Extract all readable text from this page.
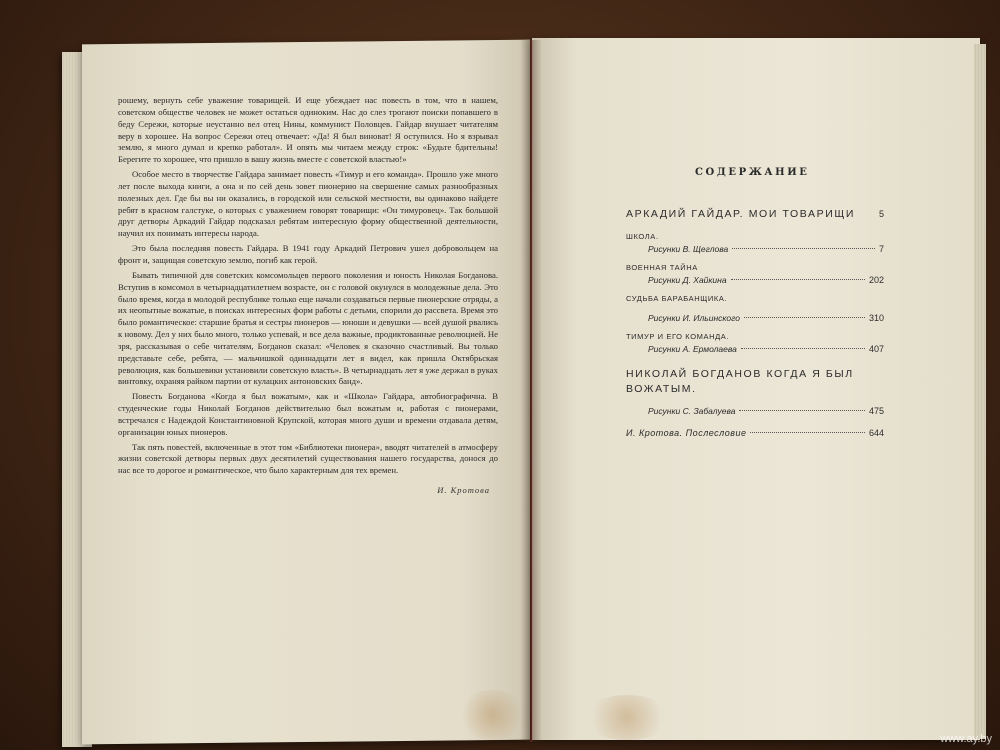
рошему, вернуть себе уважение товарищей. И еще убеждает нас повесть в том, что в нашем, советском обществе человек не может остаться одиноким. Нас до слез трогают поиски попавшего в беду Сережи, которые неустанно вел отец Нины, коммунист Половцев. Гайдар внушает читателям веру в хорошее. На вопрос Сережи отец отвечает: «Да! Я был виноват! Я оступился. Но я взрывал землю, я много думал и крепко работал». И опять мы читаем между строк: «Будьте бдительны! Берегите то хорошее, что пришло в вашу жизнь вместе с советской властью!»

Особое место в творчестве Гайдара занимает повесть «Тимур и его команда». Прошло уже много лет после выхода книги, а она и по сей день зовет пионерию на свершение самых разнообразных полезных дел. Где бы вы ни оказались, в городской или сельской местности, вы одинаково найдете ребят в красном галстуке, о которых с уважением говорят товарищи: «Он тимуровец». Так большой друг детворы Аркадий Гайдар подсказал ребятам интересную форму общественной деятельности, научил их понимать интересы народа.

Это была последняя повесть Гайдара. В 1941 году Аркадий Петрович ушел добровольцем на фронт и, защищая советскую землю, погиб как герой.

Бывать типичной для советских комсомольцев первого поколения и юность Николая Богданова. Вступив в комсомол в четырнадцатилетнем возрасте, он с головой окунулся в молодежные дела. Это было время, когда в молодой республике только еще начали создаваться первые пионерские отряды, а их неопытные вожатые, в поисках интересных форм работы с детьми, спорили до рассвета. Время это было романтическое: старшие братья и сестры пионеров — юноши и девушки — всей душой рвались к новому. Дел у них было много, только успевай, и все дела важные, продиктованные революцией. Не зря, рассказывая о себе читателям, Богданов сказал: «Человек я сказочно счастливый. Вы только представьте себе, ребята, — мальчишкой одиннадцати лет я видел, как пришла Октябрьская революция, как большевики установили советскую власть». В четырнадцать лет я уже держал в руках винтовку, охраняя райком партии от кулацких антоновских банд».

Повесть Богданова «Когда я был вожатым», как и «Школа» Гайдара, автобиографична. В студенческие годы Николай Богданов действительно был вожатым и, работая с пионерами, встречался с Надеждой Константиновной Крупской, которая много души и времени отдавала детям, организации юных пионеров.

Так пять повестей, включенные в этот том «Библиотеки пионера», вводят читателей в атмосферу жизни советской детворы первых двух десятилетий существования нашего государства, донося до нас все то дорогое и романтическое, что было характерным для тех времен.

И. Кротова
СОДЕРЖАНИЕ
АРКАДИЙ ГАЙДАР. МОИ ТОВАРИЩИ	5
ШКОЛА.
Рисунки В. Щеглова	7
ВОЕННАЯ ТАЙНА
Рисунки Д. Хайкина	202
СУДЬБА БАРАБАНЩИКА.
Рисунки И. Ильинского	310
ТИМУР И ЕГО КОМАНДА.
Рисунки А. Ермолаева	407
НИКОЛАЙ БОГДАНОВ КОГДА Я БЫЛ ВОЖАТЫМ.
Рисунки С. Забалуева	475
И. Кротова. Послесловие	644
www.ay.by
